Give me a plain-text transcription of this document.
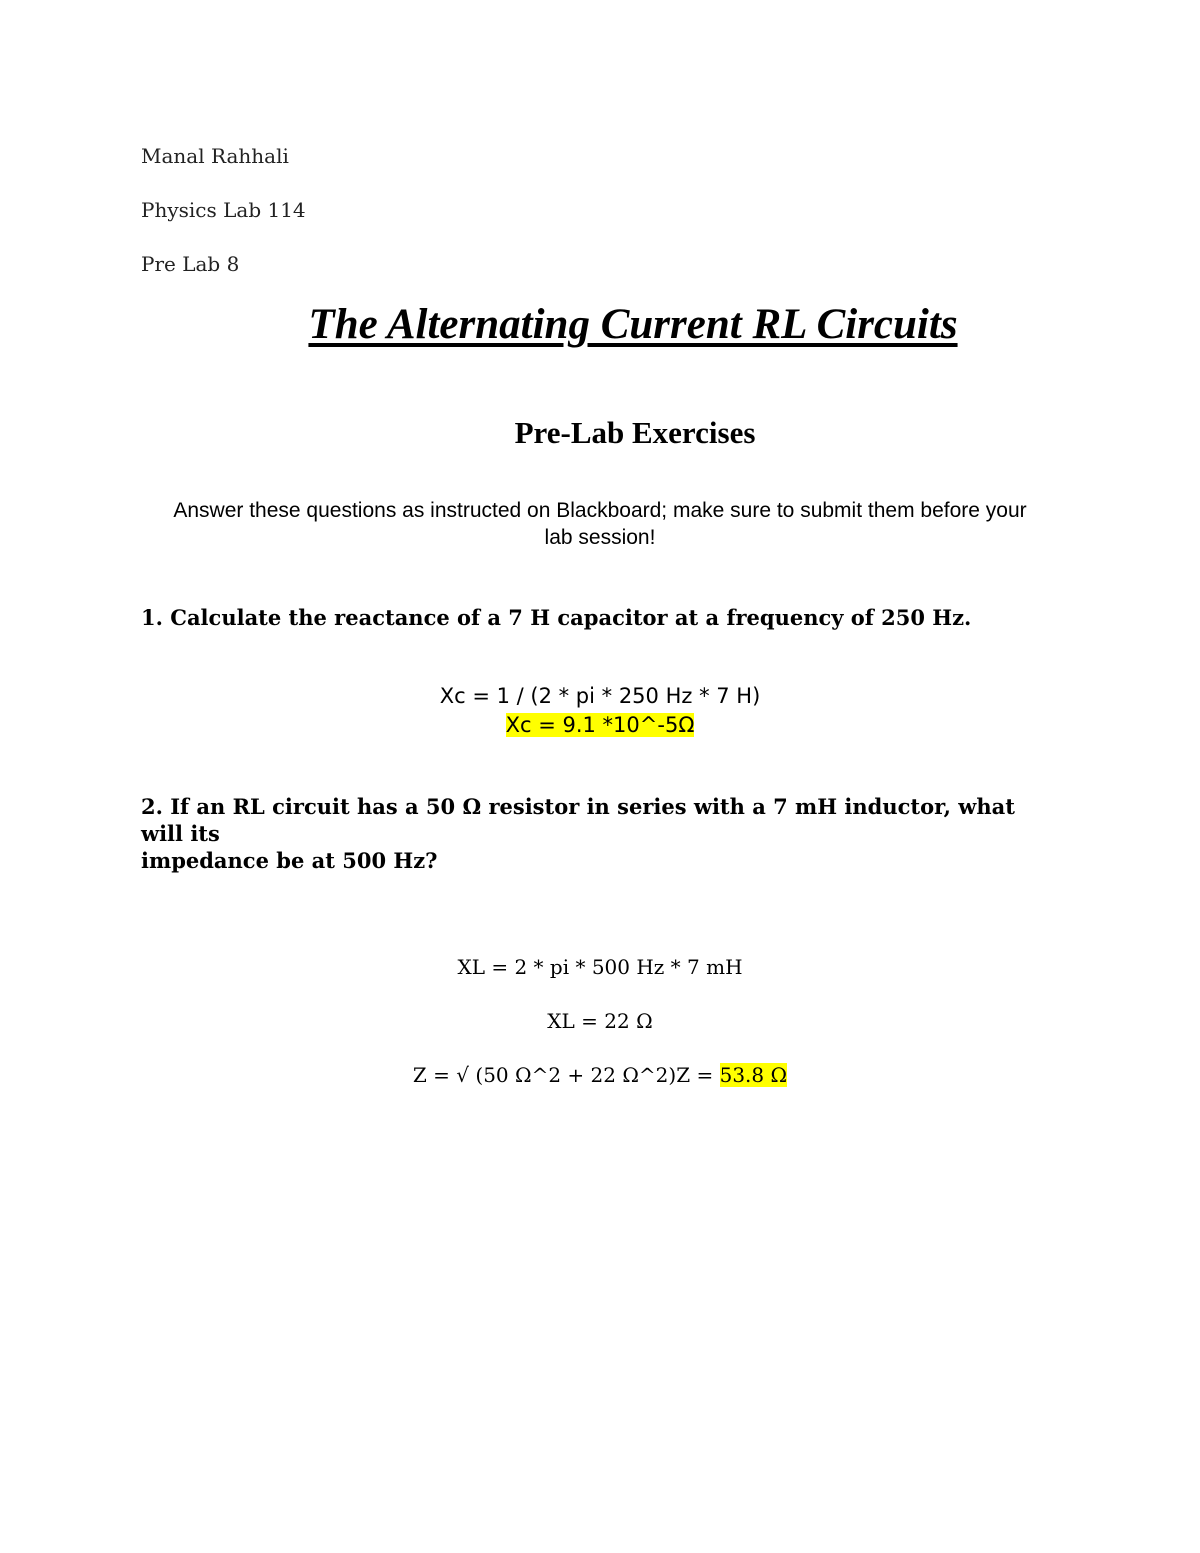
Manal Rahhali
Physics Lab 114
Pre Lab 8
The Alternating Current RL Circuits
Pre-Lab Exercises
Answer these questions as instructed on Blackboard; make sure to submit them before your
lab session!
1. Calculate the reactance of a 7 H capacitor at a frequency of 250 Hz.
Xc = 1 / (2 * pi * 250 Hz * 7 H)
Xc = 9.1 *10^-5Ω
2. If an RL circuit has a 50 Ω resistor in series with a 7 mH inductor, what will its
impedance be at 500 Hz?
XL = 2 * pi * 500 Hz * 7 mH
XL = 22 Ω
Z = √ (50 Ω^2 + 22 Ω^2)Z = 53.8 Ω
